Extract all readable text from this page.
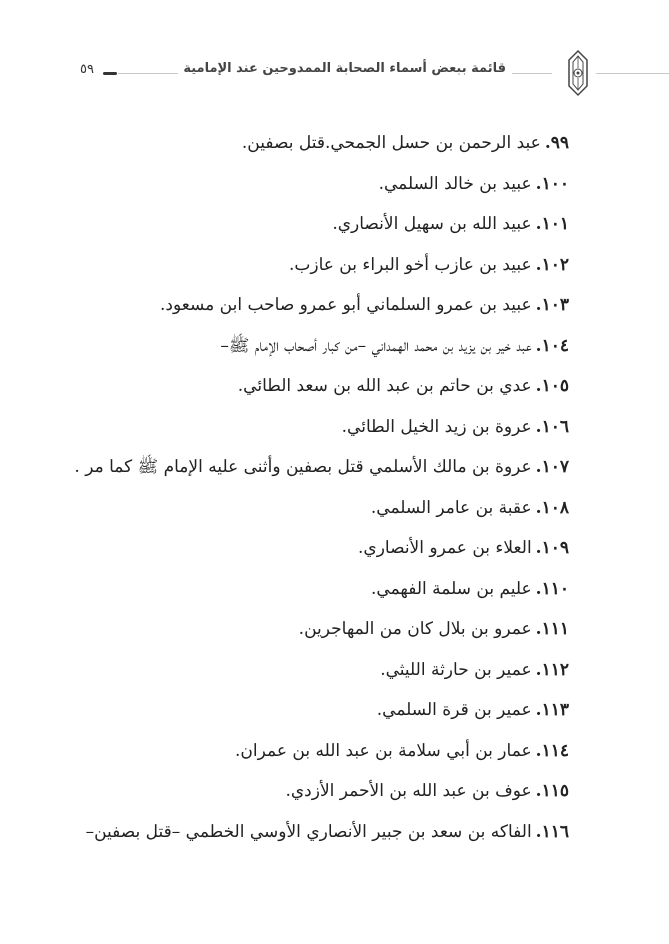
٥٩	قائمة ببعض أسماء الصحابة الممدوحين عند الإمامية
٩٩.عبد الرحمن بن حسل الجمحي.قتل بصفين.
١٠٠.عبيد بن خالد السلمي.
١٠١.عبيد الله بن سهيل الأنصاري.
١٠٢.عبيد بن عازب أخو البراء بن عازب.
١٠٣.عبيد بن عمرو السلماني أبو عمرو صاحب ابن مسعود.
١٠٤.عبد خير بن يزيد بن محمد الهمداني –من كبار أصحاب الإمام ﷺ–
١٠٥.عدي بن حاتم بن عبد الله بن سعد الطائي.
١٠٦.عروة بن زيد الخيل الطائي.
١٠٧.عروة بن مالك الأسلمي قتل بصفين وأثنى عليه الإمام ﷺ كما مر .
١٠٨.عقبة بن عامر السلمي.
١٠٩.العلاء بن عمرو الأنصاري.
١١٠.عليم بن سلمة الفهمي.
١١١.عمرو بن بلال كان من المهاجرين.
١١٢.عمير بن حارثة الليثي.
١١٣.عمير بن قرة السلمي.
١١٤.عمار بن أبي سلامة بن عبد الله بن عمران.
١١٥.عوف بن عبد الله بن الأحمر الأزدي.
١١٦.الفاكه بن سعد بن جبير الأنصاري الأوسي الخطمي –قتل بصفين–
